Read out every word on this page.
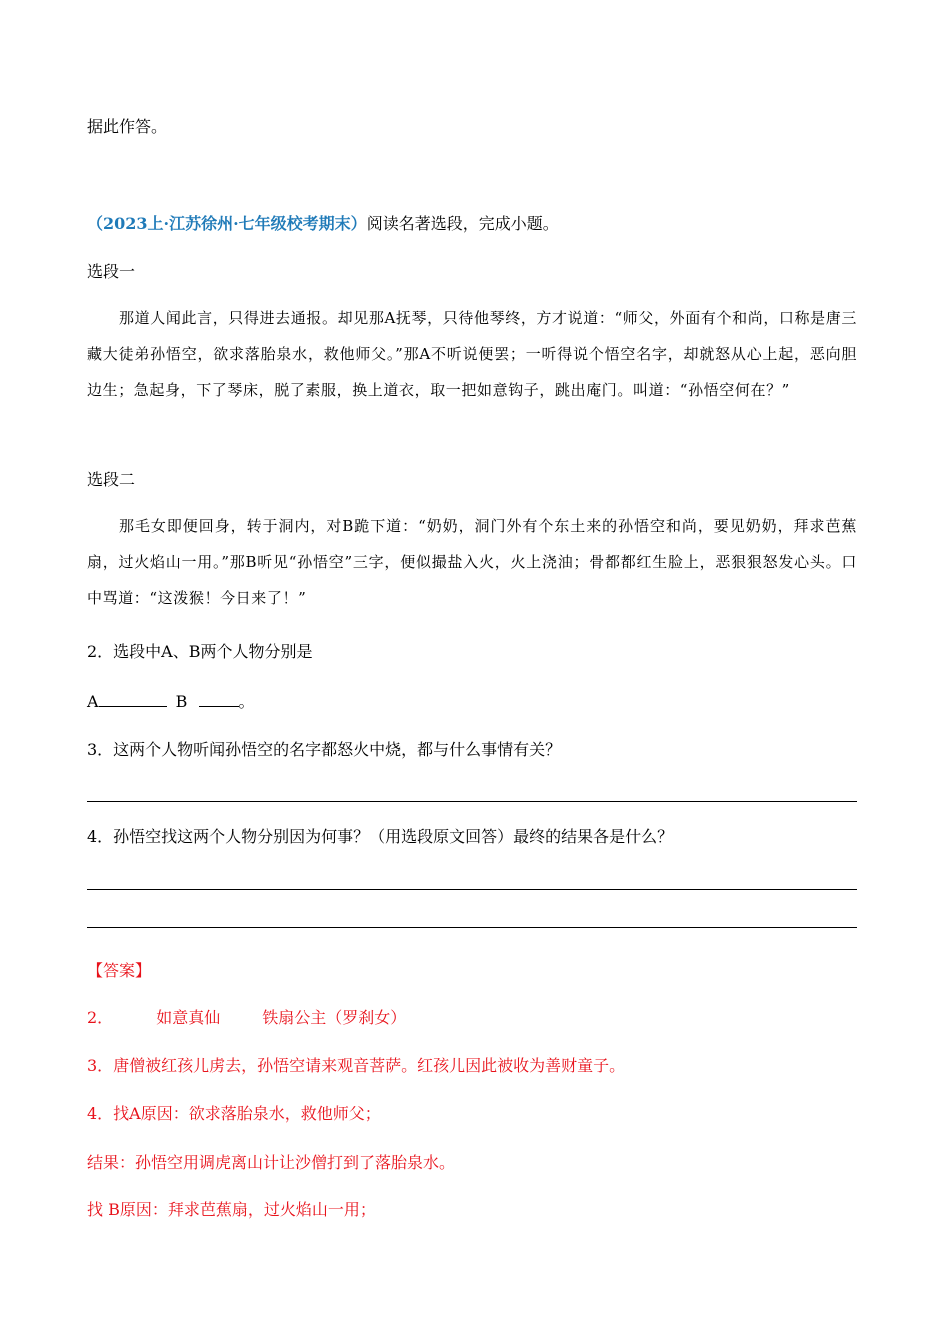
据此作答。
（2023上·江苏徐州·七年级校考期末）阅读名著选段，完成小题。
选段一
那道人闻此言，只得进去通报。却见那A抚琴，只待他琴终，方才说道：“师父，外面有个和尚，口称是唐三藏大徒弟孙悟空，欲求落胎泉水，救他师父。”那A不听说便罢；一听得说个悟空名字，却就怒从心上起，恶向胆边生；急起身，下了琴床，脱了素服，换上道衣，取一把如意钩子，跳出庵门。叫道：“孙悟空何在？”
选段二
那毛女即便回身，转于洞内，对B跪下道：“奶奶，洞门外有个东土来的孙悟空和尚，要见奶奶，拜求芭蕉扇，过火焰山一用。”那B听见“孙悟空”三字，便似撮盐入火，火上浇油；骨都都红生脸上，恶狠狠怒发心头。口中骂道：“这泼猴！今日来了！”
2．选段中A、B两个人物分别是
A	B	。
3．这两个人物听闻孙悟空的名字都怒火中烧，都与什么事情有关？
4．孙悟空找这两个人物分别因为何事？（用选段原文回答）最终的结果各是什么？
【答案】
2．	如意真仙	铁扇公主（罗刹女）
3．唐僧被红孩儿虏去，孙悟空请来观音菩萨。红孩儿因此被收为善财童子。
4．找A原因：欲求落胎泉水，救他师父；
结果：孙悟空用调虎离山计让沙僧打到了落胎泉水。
找 B原因：拜求芭蕉扇，过火焰山一用；
